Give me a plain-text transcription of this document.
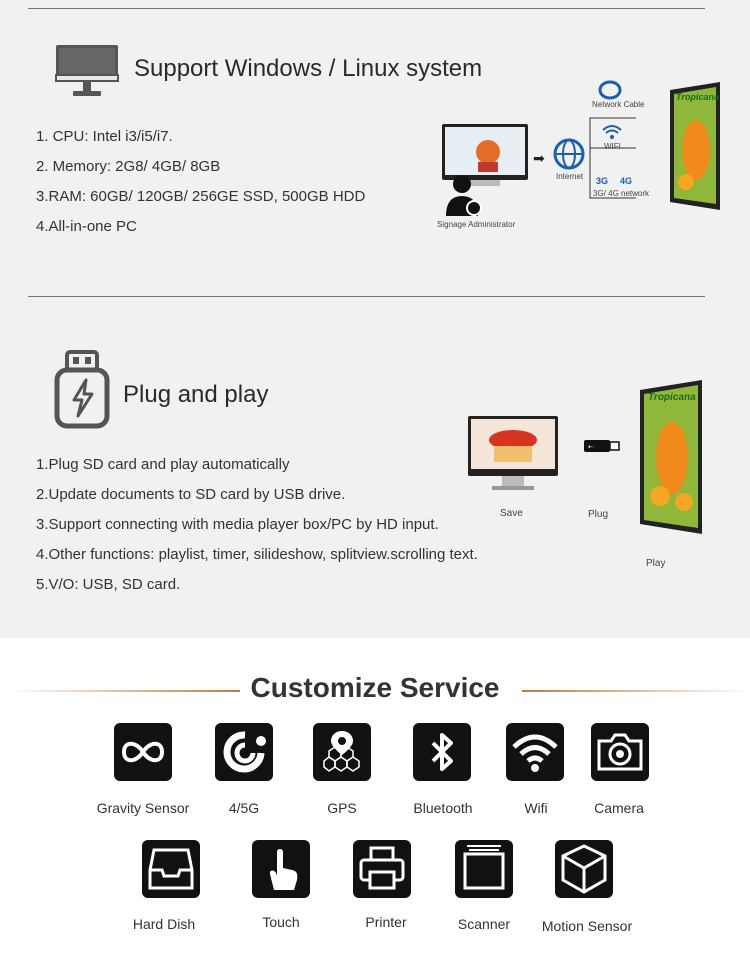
Support Windows / Linux system
1. CPU: Intel i3/i5/i7.
2. Memory: 2G8/ 4GB/ 8GB
3.RAM: 60GB/ 120GB/ 256GE SSD, 500GB HDD
4.All-in-one PC	Signage Administrator
➡
Internet
Network Cable
WIFI
3G 4G
3G/ 4G network
Tropicana
Plug and play
1.Plug SD card and play automatically
2.Update documents to SD card by USB drive.
3.Support connecting with media player box/PC by HD input.
4.Other functions: playlist, timer, silideshow, splitview.scrolling text.
5.V/O: USB, SD card.
Save
⇠
Plug
Tropicana
Play
Customize Service
Gravity Sensor	4/5G	GPS	Bluetooth	Wifi	Camera
Hard Dish	Touch	Printer	Scanner	Motion Sensor
